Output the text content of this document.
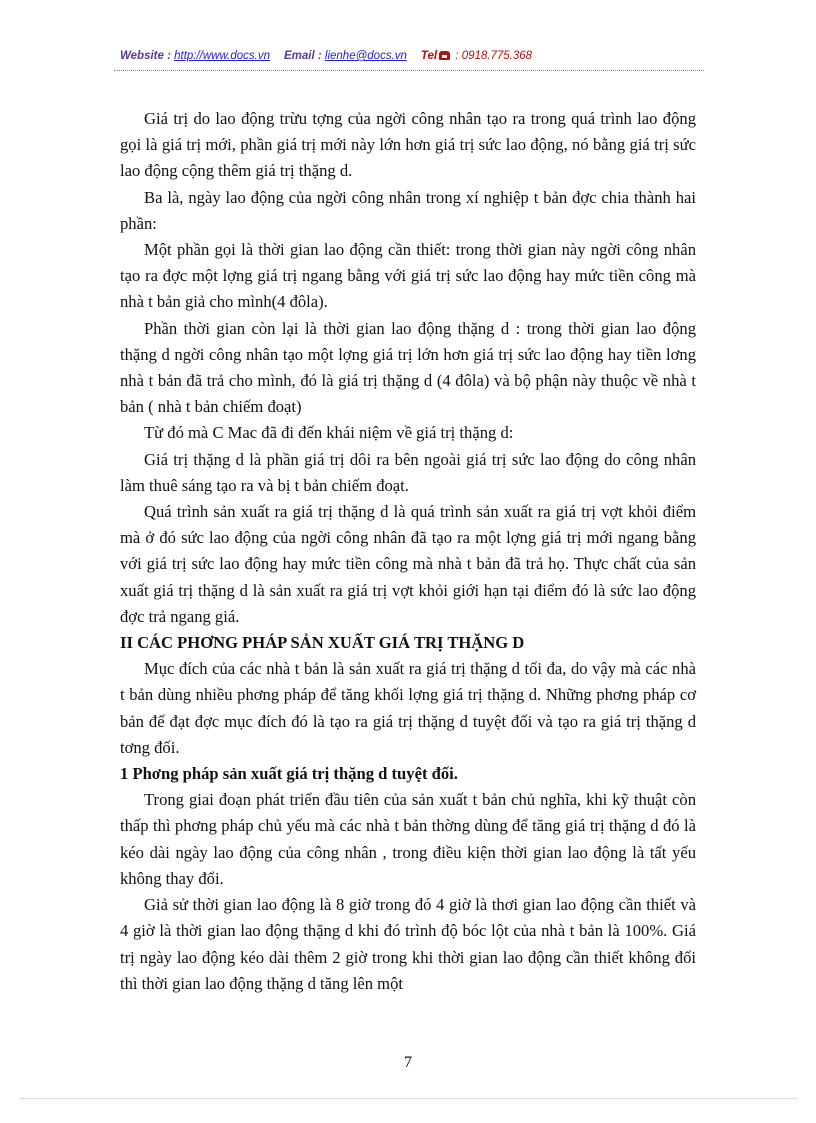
Website : http://www.docs.vn Email : lienhe@docs.vn Tel : 0918.775.368

Giá trị do lao động trừu tợng của ngời công nhân tạo ra trong quá trình lao động gọi là giá trị mới, phần giá trị mới này lớn hơn giá trị sức lao động, nó bằng giá trị sức lao động cộng thêm giá trị thặng d.

Ba là, ngày lao động của ngời công nhân trong xí nghiệp t bản đợc chia thành hai phần:

Một phần gọi là thời gian lao động cần thiết: trong thời gian này ngời công nhân tạo ra đợc một lợng giá trị ngang bằng với giá trị sức lao động hay mức tiền công mà nhà t bản giả cho mình(4 đôla).

Phần thời gian còn lại là thời gian lao động thặng d : trong thời gian lao động thặng d ngời công nhân tạo một lợng giá trị lớn hơn giá trị sức lao động hay tiền lơng nhà t bản đã trả cho mình, đó là giá trị thặng d (4 đôla) và bộ phận này thuộc về nhà t bản ( nhà t bản chiếm đoạt)

Từ đó mà C Mac đã đi đến khái niệm về giá trị thặng d:

Giá trị thặng d là phần giá trị dôi ra bên ngoài giá trị sức lao động do công nhân làm thuê sáng tạo ra và bị t bản chiếm đoạt.

Quá trình sản xuất ra giá trị thặng d là quá trình sản xuất ra giá trị vợt khỏi điểm mà ở đó sức lao động của ngời công nhân đã tạo ra một lợng giá trị mới ngang bằng với giá trị sức lao động hay mức tiền công mà nhà t bản đã trả họ. Thực chất của sản xuất giá trị thặng d là sản xuất ra giá trị vợt khỏi giới hạn tại điểm đó là sức lao động đợc trả ngang giá.

II CÁC PHƠNG PHÁP SẢN XUẤT GIÁ TRỊ THẶNG D

Mục đích của các nhà t bản là sản xuất ra giá trị thặng d tối đa, do vậy mà các nhà t bản dùng nhiều phơng pháp để tăng khối lợng giá trị thặng d. Những phơng pháp cơ bản để đạt đợc mục đích đó là tạo ra giá trị thặng d tuyệt đối và tạo ra giá trị thặng d tơng đối.

1 Phơng pháp sản xuất giá trị thặng d tuyệt đối.

Trong giai đoạn phát triển đầu tiên của sản xuất t bản chủ nghĩa, khi kỹ thuật còn thấp thì phơng pháp chủ yếu mà các nhà t bản thờng dùng để tăng giá trị thặng d đó là kéo dài ngày lao động của công nhân , trong điều kiện thời gian lao động là tất yếu không thay đổi.

Giả sử thời gian lao động là 8 giờ trong đó 4 giờ là thơi gian lao động cần thiết và 4 giờ là thời gian lao động thặng d khi đó trình độ bóc lột của nhà t bản là 100%. Giá trị ngày lao động kéo dài thêm 2 giờ trong khi thời gian lao động cần thiết không đổi thì thời gian lao động thặng d tăng lên một

7
